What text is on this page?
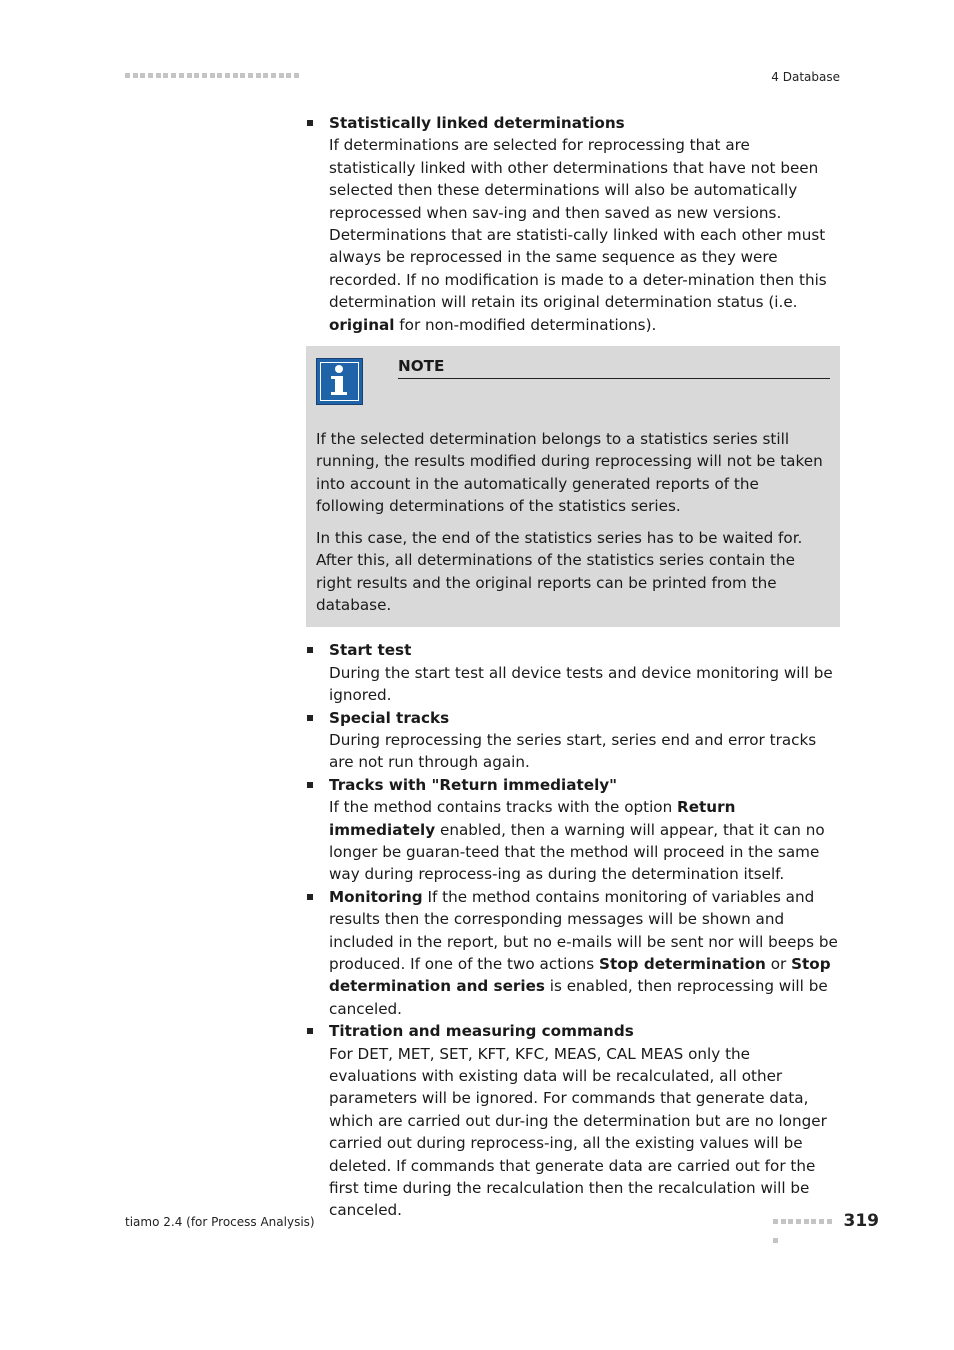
4 Database
Statistically linked determinations
If determinations are selected for reprocessing that are statistically linked with other determinations that have not been selected then these determinations will also be automatically reprocessed when sav-ing and then saved as new versions. Determinations that are statisti-cally linked with each other must always be reprocessed in the same sequence as they were recorded. If no modification is made to a deter-mination then this determination will retain its original determination status (i.e. original for non-modified determinations).
NOTE

If the selected determination belongs to a statistics series still running, the results modified during reprocessing will not be taken into account in the automatically generated reports of the following determinations of the statistics series.

In this case, the end of the statistics series has to be waited for. After this, all determinations of the statistics series contain the right results and the original reports can be printed from the database.

Start test
During the start test all device tests and device monitoring will be ignored.
Special tracks
During reprocessing the series start, series end and error tracks are not run through again.
Tracks with "Return immediately"
If the method contains tracks with the option Return immediately enabled, then a warning will appear, that it can no longer be guaran-teed that the method will proceed in the same way during reprocess-ing as during the determination itself.
Monitoring If the method contains monitoring of variables and results then the corresponding messages will be shown and included in the report, but no e-mails will be sent nor will beeps be produced. If one of the two actions Stop determination or Stop determination and series is enabled, then reprocessing will be canceled.
Titration and measuring commands
For DET, MET, SET, KFT, KFC, MEAS, CAL MEAS only the evaluations with existing data will be recalculated, all other parameters will be ignored. For commands that generate data, which are carried out dur-ing the determination but are no longer carried out during reprocess-ing, all the existing values will be deleted. If commands that generate data are carried out for the first time during the recalculation then the recalculation will be canceled.
tiamo 2.4 (for Process Analysis)	319
